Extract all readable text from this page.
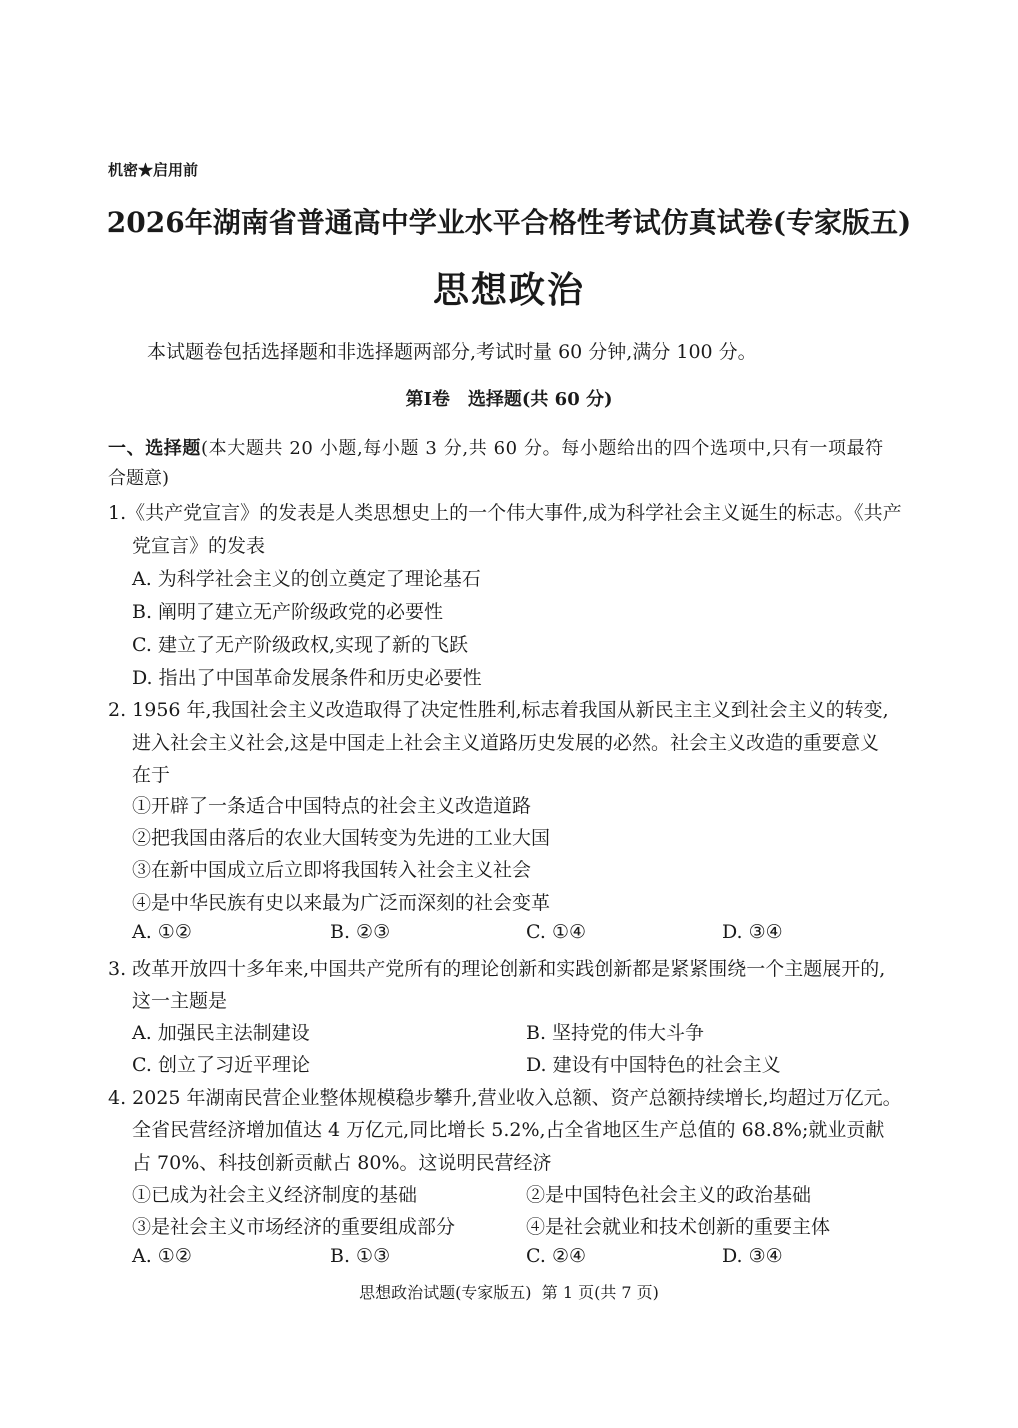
机密★启用前
2026年湖南省普通高中学业水平合格性考试仿真试卷(专家版五)
思想政治
本试题卷包括选择题和非选择题两部分,考试时量 60 分钟,满分 100 分。
第Ⅰ卷　选择题(共 60 分)
一、选择题(本大题共 20 小题,每小题 3 分,共 60 分。每小题给出的四个选项中,只有一项最符
合题意)
1.《共产党宣言》的发表是人类思想史上的一个伟大事件,成为科学社会主义诞生的标志。《共产
党宣言》的发表
A. 为科学社会主义的创立奠定了理论基石
B. 阐明了建立无产阶级政党的必要性
C. 建立了无产阶级政权,实现了新的飞跃
D. 指出了中国革命发展条件和历史必要性
2. 1956 年,我国社会主义改造取得了决定性胜利,标志着我国从新民主主义到社会主义的转变,
进入社会主义社会,这是中国走上社会主义道路历史发展的必然。社会主义改造的重要意义
在于
①开辟了一条适合中国特点的社会主义改造道路
②把我国由落后的农业大国转变为先进的工业大国
③在新中国成立后立即将我国转入社会主义社会
④是中华民族有史以来最为广泛而深刻的社会变革
A. ①②	B. ②③	C. ①④	D. ③④
3. 改革开放四十多年来,中国共产党所有的理论创新和实践创新都是紧紧围绕一个主题展开的,
这一主题是
A. 加强民主法制建设	B. 坚持党的伟大斗争
C. 创立了习近平理论	D. 建设有中国特色的社会主义
4. 2025 年湖南民营企业整体规模稳步攀升,营业收入总额、资产总额持续增长,均超过万亿元。
全省民营经济增加值达 4 万亿元,同比增长 5.2%,占全省地区生产总值的 68.8%;就业贡献
占 70%、科技创新贡献占 80%。这说明民营经济
①已成为社会主义经济制度的基础	②是中国特色社会主义的政治基础
③是社会主义市场经济的重要组成部分	④是社会就业和技术创新的重要主体
A. ①②	B. ①③	C. ②④	D. ③④
思想政治试题(专家版五) 第 1 页(共 7 页)
